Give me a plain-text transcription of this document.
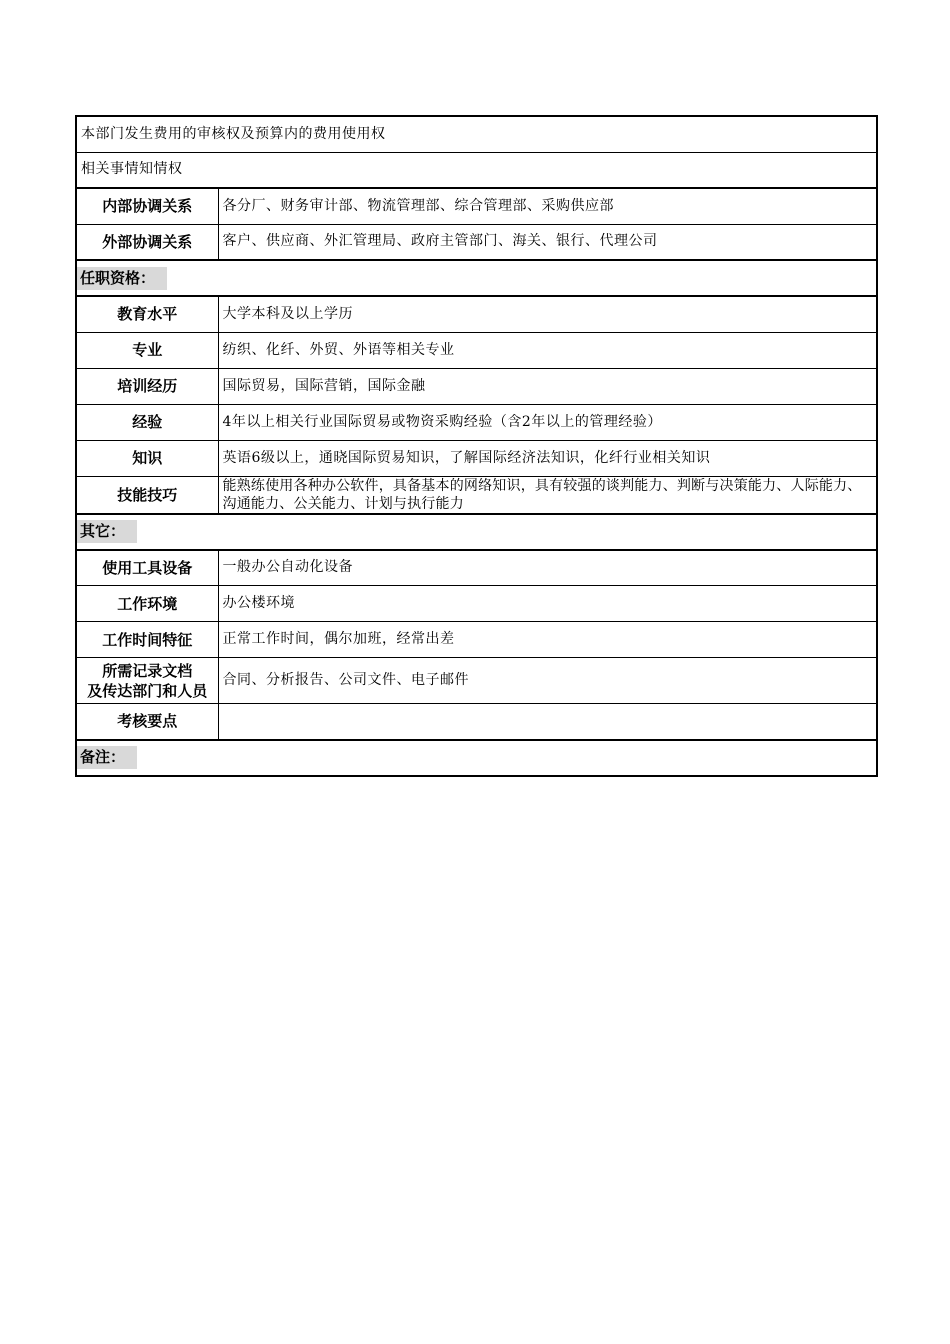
本部门发生费用的审核权及预算内的费用使用权	
相关事情知情权	
内部协调关系	各分厂、财务审计部、物流管理部、综合管理部、采购供应部
外部协调关系	客户、供应商、外汇管理局、政府主管部门、海关、银行、代理公司
任职资格：	
教育水平	大学本科及以上学历
专业	纺织、化纤、外贸、外语等相关专业
培训经历	国际贸易，国际营销，国际金融
经验	4年以上相关行业国际贸易或物资采购经验（含2年以上的管理经验）
知识	英语6级以上，通晓国际贸易知识，了解国际经济法知识，化纤行业相关知识
技能技巧	能熟练使用各种办公软件，具备基本的网络知识，具有较强的谈判能力、判断与决策能力、人际能力、沟通能力、公关能力、计划与执行能力
其它：	
使用工具设备	一般办公自动化设备
工作环境	办公楼环境
工作时间特征	正常工作时间，偶尔加班，经常出差

所需记录文档
及传达部门和人员	合同、分析报告、公司文件、电子邮件
考核要点	
备注：	
